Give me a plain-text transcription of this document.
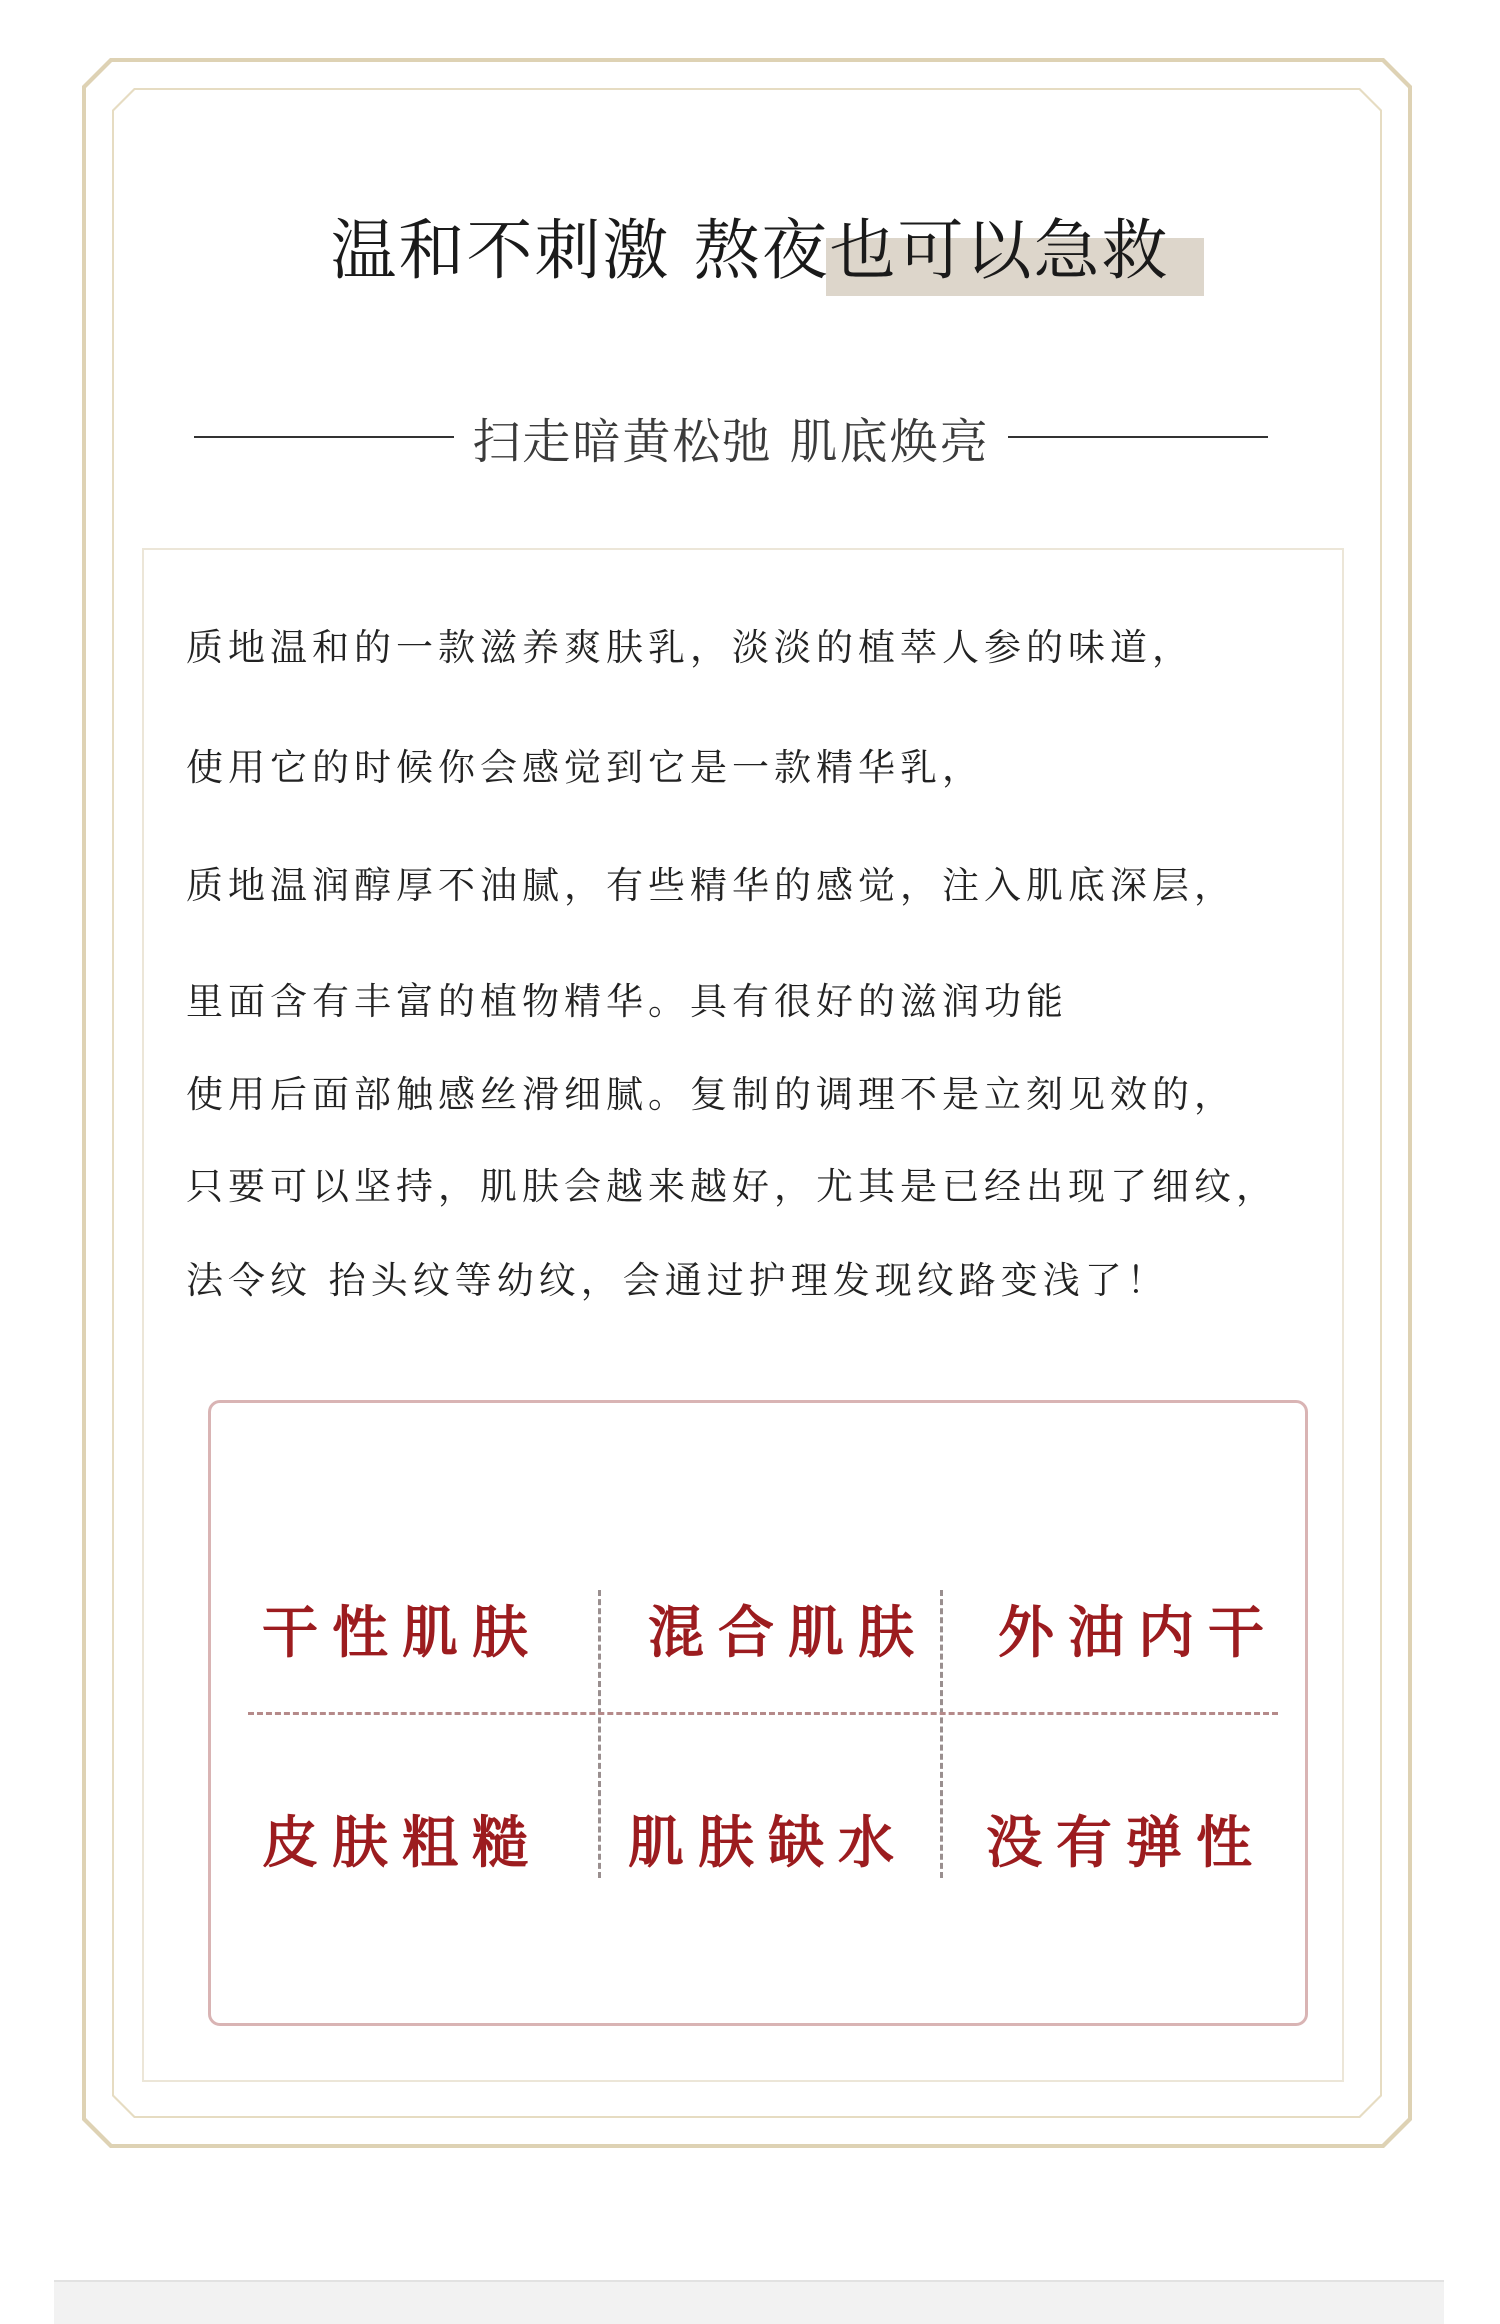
温和不刺激 熬夜也可以急救
扫走暗黄松弛 肌底焕亮
质地温和的一款滋养爽肤乳，淡淡的植萃人参的味道，
使用它的时候你会感觉到它是一款精华乳，
质地温润醇厚不油腻，有些精华的感觉，注入肌底深层，
里面含有丰富的植物精华。具有很好的滋润功能
使用后面部触感丝滑细腻。复制的调理不是立刻见效的，
只要可以坚持，肌肤会越来越好，尤其是已经出现了细纹，
法令纹 抬头纹等幼纹，会通过护理发现纹路变浅了！
干性肌肤 混合肌肤 外油内干
皮肤粗糙 肌肤缺水 没有弹性
